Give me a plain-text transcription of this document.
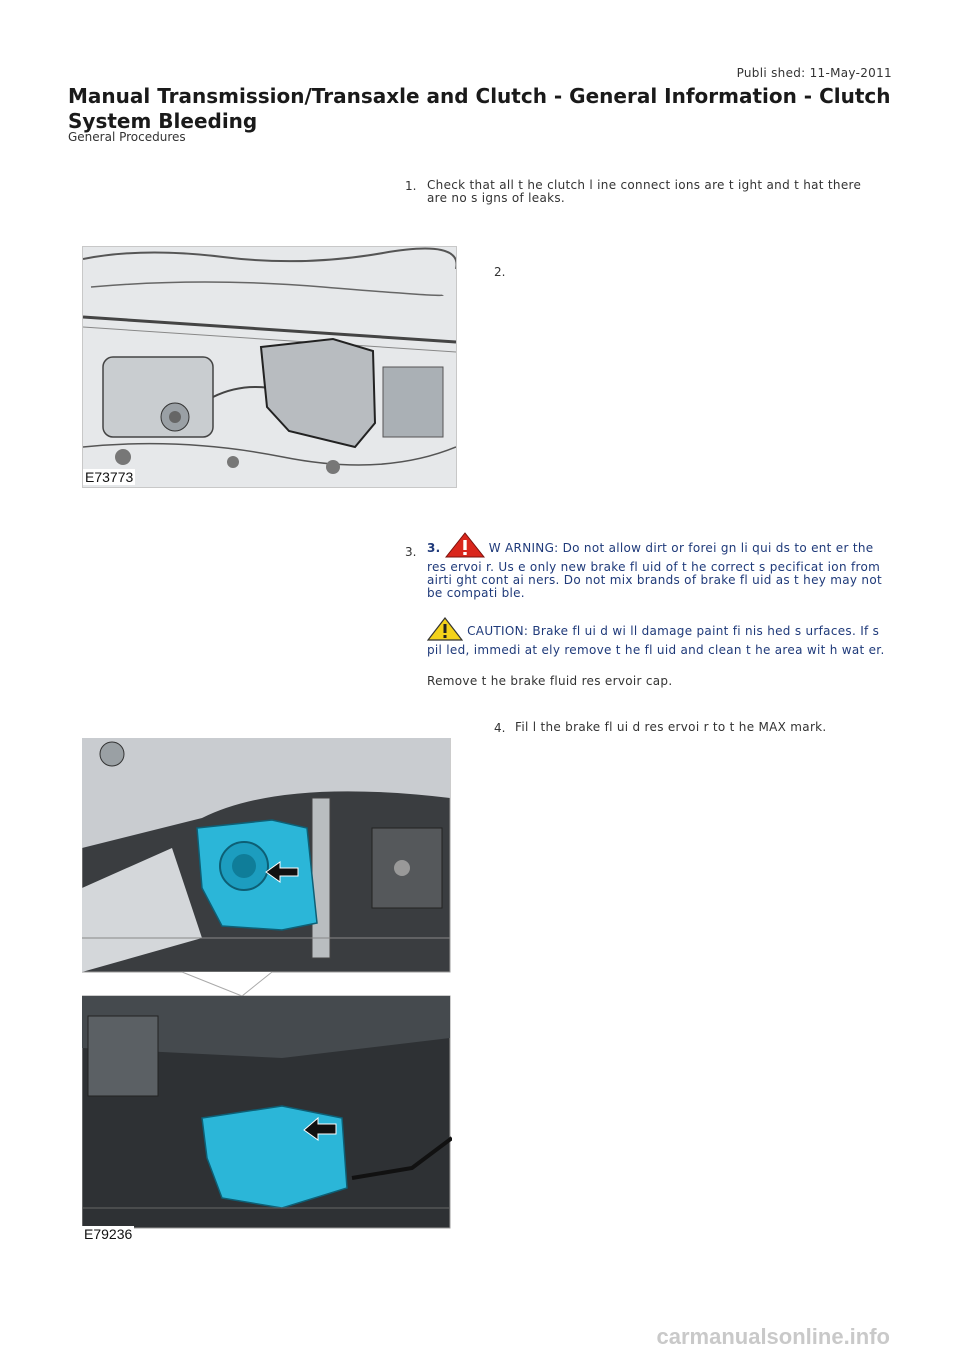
Publi shed: 11-May-2011
Manual Transmission/Transaxle and Clutch - General Information - Clutch System Bleeding
General Procedures
1. Check that all t he clutch l ine connect ions are t ight and t hat there are no s igns of leaks.
E73773
2.
3. 3.	W ARNING: Do not allow dirt or forei gn li qui ds to ent er the res ervoi r. Us e only new brake fl uid of t he correct s pecificat ion from airti ght cont ai ners. Do not mix brands of brake fl uid as t hey may not be compati ble.
CAUTION: Brake fl ui d wi ll damage paint fi nis hed s urfaces. If s pil led, immedi at ely remove t he fl uid and clean t he area wit h wat er.
Remove t he brake fluid res ervoir cap.
4. Fil l the brake fl ui d res ervoi r to t he MAX mark.
E79236
carmanualsonline.info
